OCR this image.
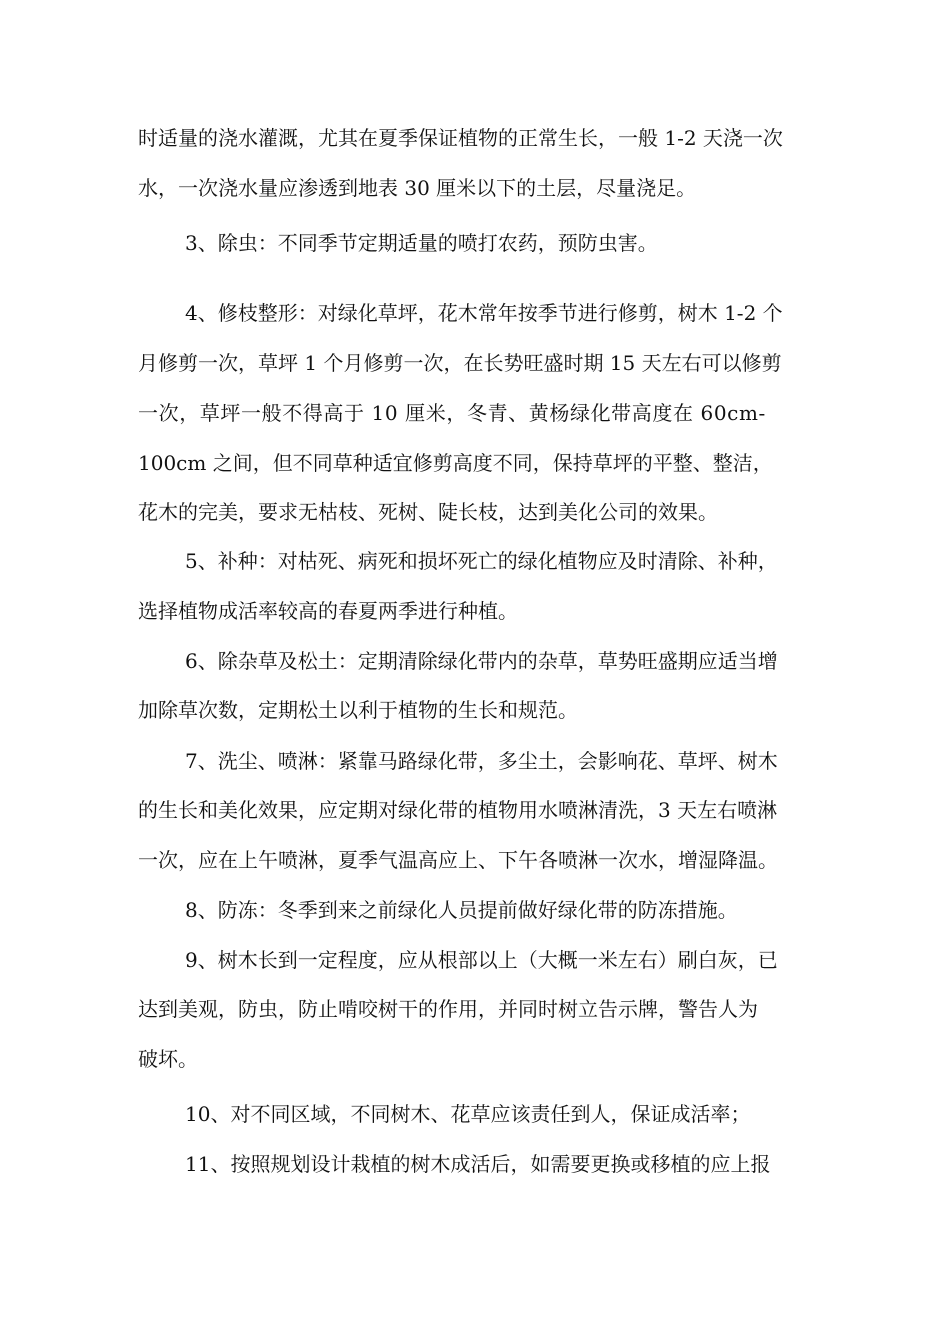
时适量的浇水灌溉，尤其在夏季保证植物的正常生长，一般 1-2 天浇一次
水，一次浇水量应渗透到地表 30 厘米以下的土层，尽量浇足。
3、除虫：不同季节定期适量的喷打农药，预防虫害。
4、修枝整形：对绿化草坪，花木常年按季节进行修剪，树木 1-2 个
月修剪一次，草坪 1 个月修剪一次，在长势旺盛时期 15 天左右可以修剪
一次，草坪一般不得高于 10 厘米，冬青、黄杨绿化带高度在 60cm-
100cm 之间，但不同草种适宜修剪高度不同，保持草坪的平整、整洁，
花木的完美，要求无枯枝、死树、陡长枝，达到美化公司的效果。
5、补种：对枯死、病死和损坏死亡的绿化植物应及时清除、补种，
选择植物成活率较高的春夏两季进行种植。
6、除杂草及松土：定期清除绿化带内的杂草，草势旺盛期应适当增
加除草次数，定期松土以利于植物的生长和规范。
7、洗尘、喷淋：紧靠马路绿化带，多尘土，会影响花、草坪、树木
的生长和美化效果，应定期对绿化带的植物用水喷淋清洗，3 天左右喷淋
一次，应在上午喷淋，夏季气温高应上、下午各喷淋一次水，增湿降温。
8、防冻：冬季到来之前绿化人员提前做好绿化带的防冻措施。
9、树木长到一定程度，应从根部以上（大概一米左右）刷白灰，已
达到美观，防虫，防止啃咬树干的作用，并同时树立告示牌，警告人为
破坏。
10、对不同区域，不同树木、花草应该责任到人，保证成活率；
11、按照规划设计栽植的树木成活后，如需要更换或移植的应上报
